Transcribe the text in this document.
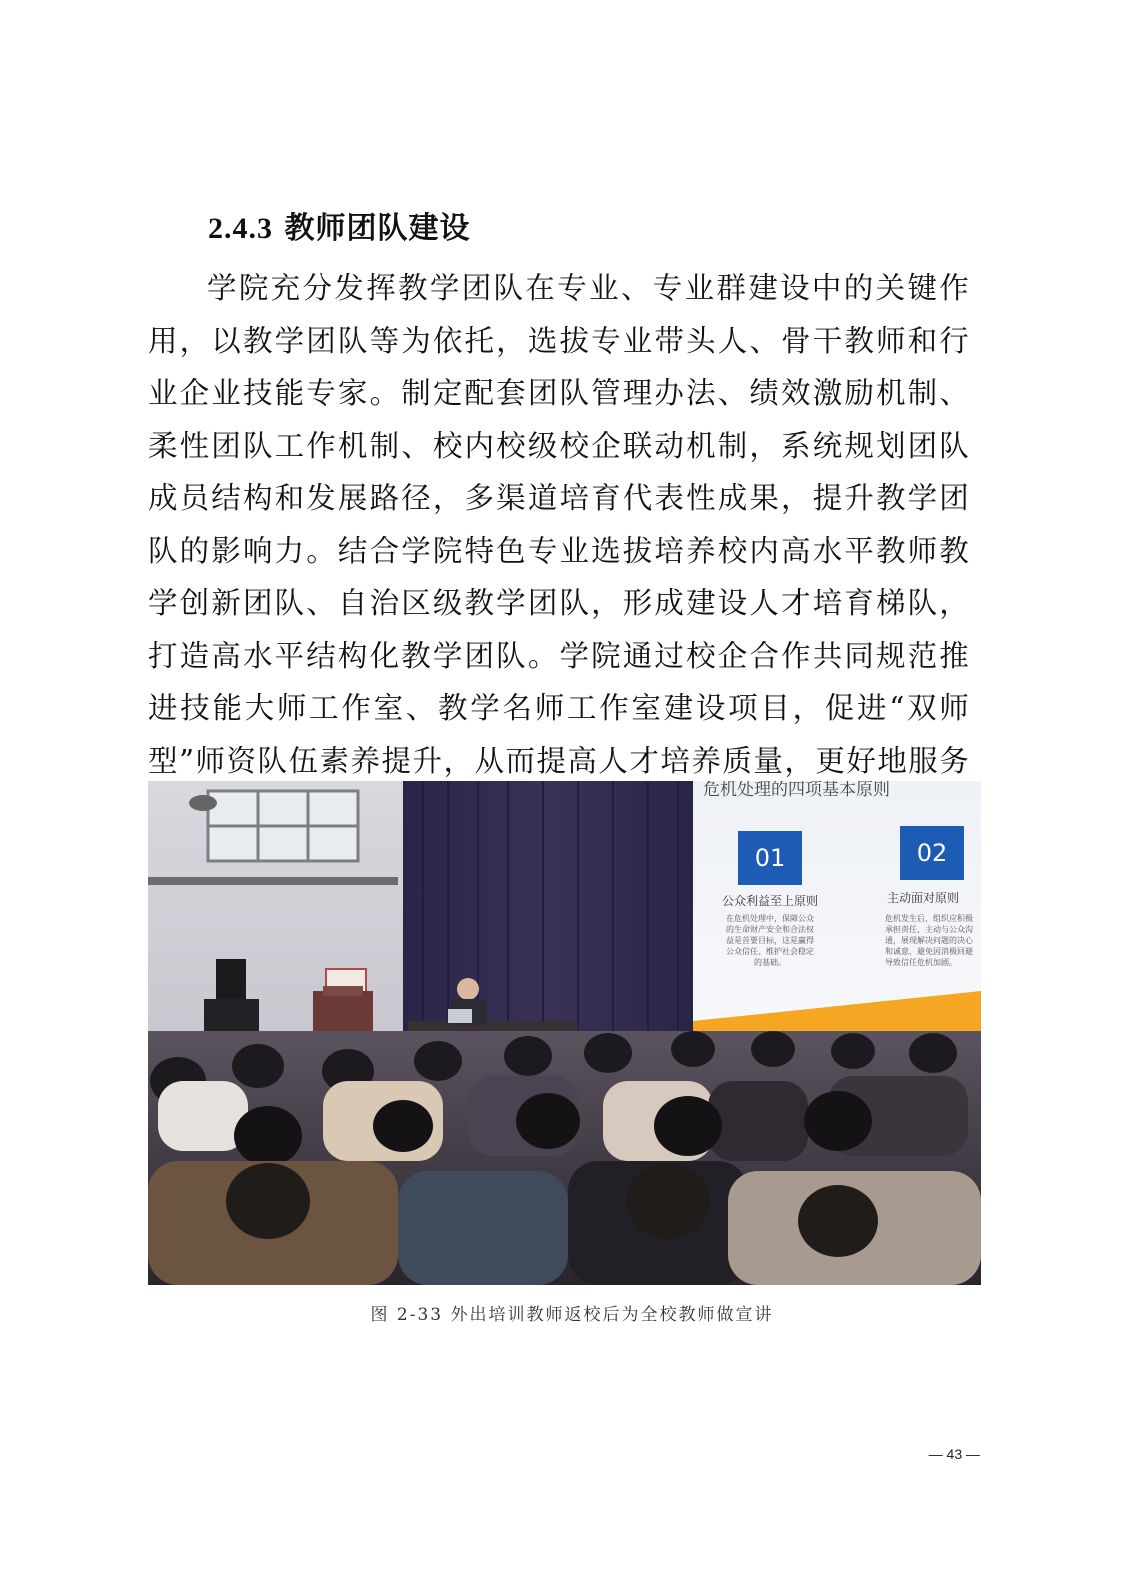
2.4.3 教师团队建设
学院充分发挥教学团队在专业、专业群建设中的关键作用，以教学团队等为依托，选拔专业带头人、骨干教师和行业企业技能专家。制定配套团队管理办法、绩效激励机制、柔性团队工作机制、校内校级校企联动机制，系统规划团队成员结构和发展路径，多渠道培育代表性成果，提升教学团队的影响力。结合学院特色专业选拔培养校内高水平教师教学创新团队、自治区级教学团队，形成建设人才培育梯队，打造高水平结构化教学团队。学院通过校企合作共同规范推进技能大师工作室、教学名师工作室建设项目，促进“双师型”师资队伍素养提升，从而提高人才培养质量，更好地服务
危机处理的四项基本原则
01
公众利益至上原则
在危机处理中，保障公众
的生命财产安全和合法权
益是首要目标，这是赢得
公众信任、维护社会稳定
的基础。
02
主动面对原则
危机发生后，组织应积极
承担责任，主动与公众沟
通，展现解决问题的决心
和诚意，避免因消极回避
导致信任危机加剧。
图 2-33 外出培训教师返校后为全校教师做宣讲
— 43 —
